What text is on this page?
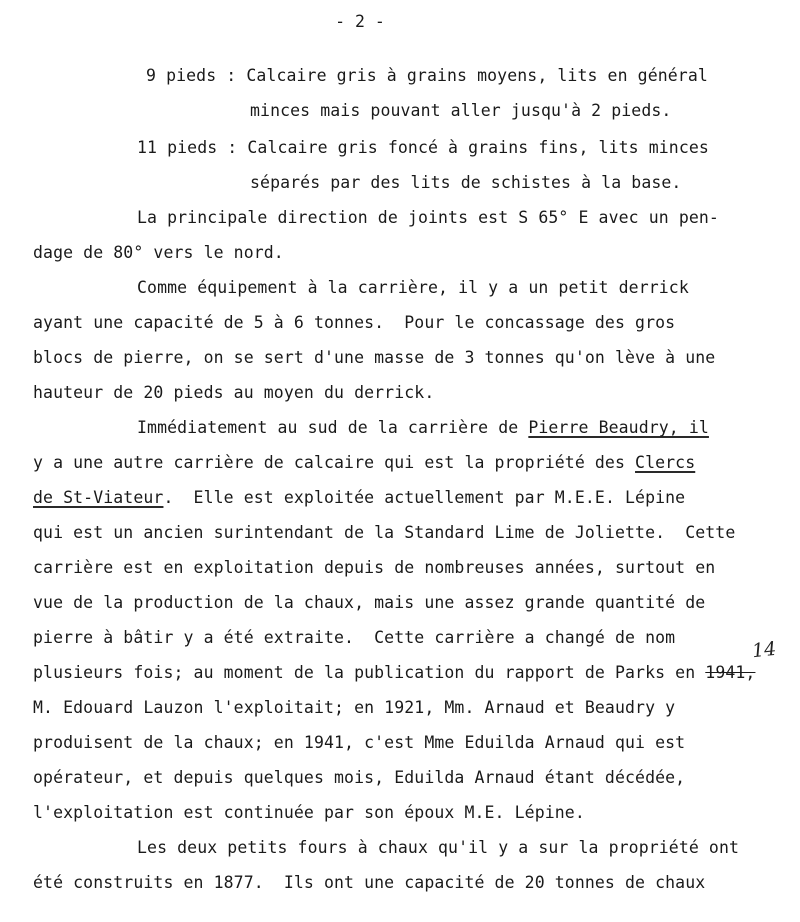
- 2 -
9 pieds : Calcaire gris à grains moyens, lits en général
minces mais pouvant aller jusqu'à 2 pieds.
11 pieds : Calcaire gris foncé à grains fins, lits minces
séparés par des lits de schistes à la base.
La principale direction de joints est S 65° E avec un pen-
dage de 80° vers le nord.
Comme équipement à la carrière, il y a un petit derrick
ayant une capacité de 5 à 6 tonnes.  Pour le concassage des gros
blocs de pierre, on se sert d'une masse de 3 tonnes qu'on lève à une
hauteur de 20 pieds au moyen du derrick.
Immédiatement au sud de la carrière de Pierre Beaudry, il
y a une autre carrière de calcaire qui est la propriété des Clercs
de St-Viateur.  Elle est exploitée actuellement par M.E.E. Lépine
qui est un ancien surintendant de la Standard Lime de Joliette.  Cette
carrière est en exploitation depuis de nombreuses années, surtout en
vue de la production de la chaux, mais une assez grande quantité de
pierre à bâtir y a été extraite.  Cette carrière a changé de nom
plusieurs fois; au moment de la publication du rapport de Parks en 1941,
14
M. Edouard Lauzon l'exploitait; en 1921, Mm. Arnaud et Beaudry y
produisent de la chaux; en 1941, c'est Mme Eduilda Arnaud qui est
opérateur, et depuis quelques mois, Eduilda Arnaud étant décédée,
l'exploitation est continuée par son époux M.E. Lépine.
Les deux petits fours à chaux qu'il y a sur la propriété ont
été construits en 1877.  Ils ont une capacité de 20 tonnes de chaux
